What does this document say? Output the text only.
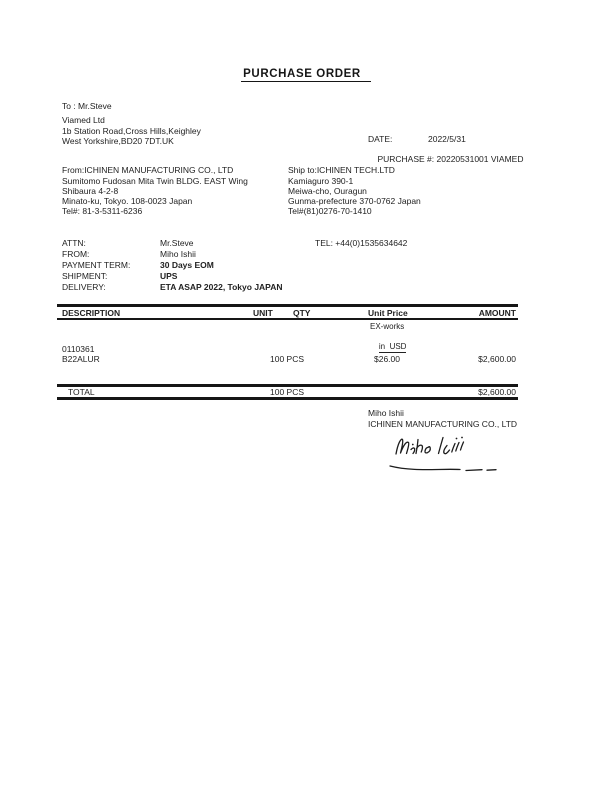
PURCHASE ORDER
To : Mr.Steve
Viamed Ltd
1b Station Road,Cross Hills,Keighley
West Yorkshire,BD20 7DT.UK	DATE:	2022/5/31

PURCHASE #: 20220531001 VIAMED

From:ICHINEN MANUFACTURING CO., LTD
Sumitomo Fudosan Mita Twin BLDG. EAST Wing
Shibaura 4-2-8
Minato-ku, Tokyo. 108-0023 Japan
Tel#: 81-3-5311-6236
Ship to:ICHINEN TECH.LTD
Kamiaguro 390-1
Meiwa-cho, Ouragun
Gunma-prefecture 370-0762 Japan
Tel#(81)0276-70-1410
ATTN:	Mr.Steve	TEL: +44(0)1535634642
FROM:	Miho Ishii
PAYMENT TERM:	30 Days EOM
SHIPMENT:	UPS
DELIVERY:	ETA ASAP 2022, Tokyo JAPAN
DESCRIPTION	UNIT QTY	Unit Price	AMOUNT
EX-works

in  USD

0110361
B22ALUR	100 PCS	$26.00	$2,600.00
TOTAL	100 PCS	$2,600.00
Miho Ishii
ICHINEN MANUFACTURING CO., LTD
